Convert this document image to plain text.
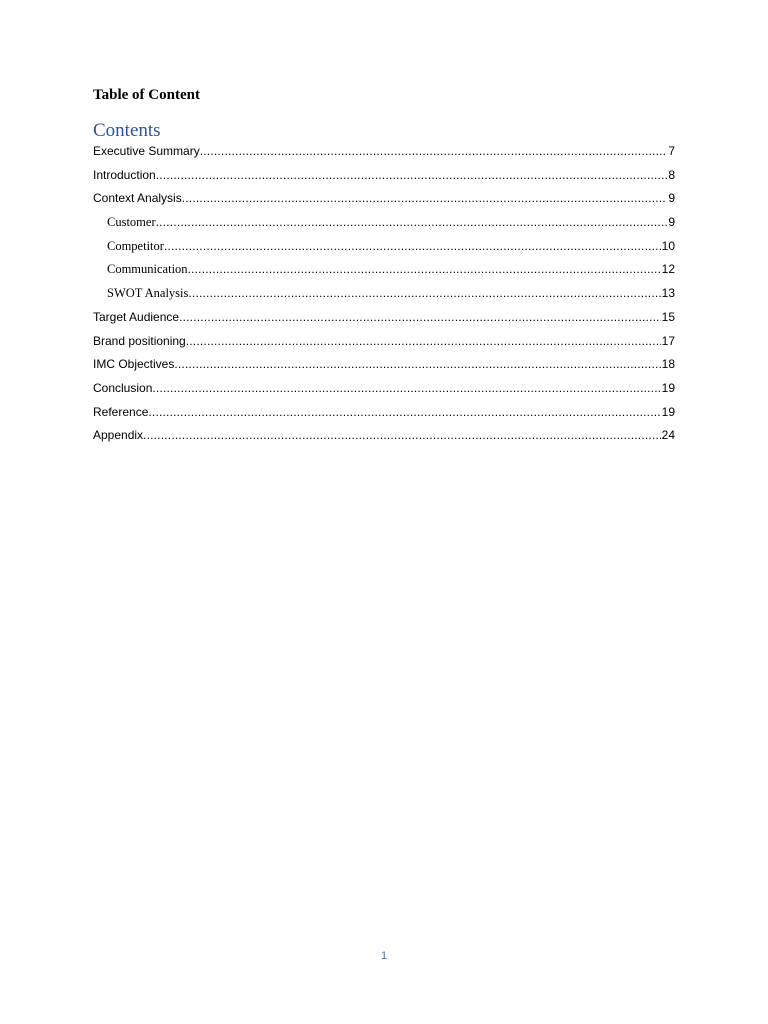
Table of Content
Contents
Executive Summary .....	7
Introduction .....	8
Context Analysis .....	9
Customer .....	9
Competitor .....	10
Communication .....	12
SWOT Analysis .....	13
Target Audience .....	15
Brand positioning .....	17
IMC Objectives .....	18
Conclusion .....	19
Reference .....	19
Appendix .....	24
1
